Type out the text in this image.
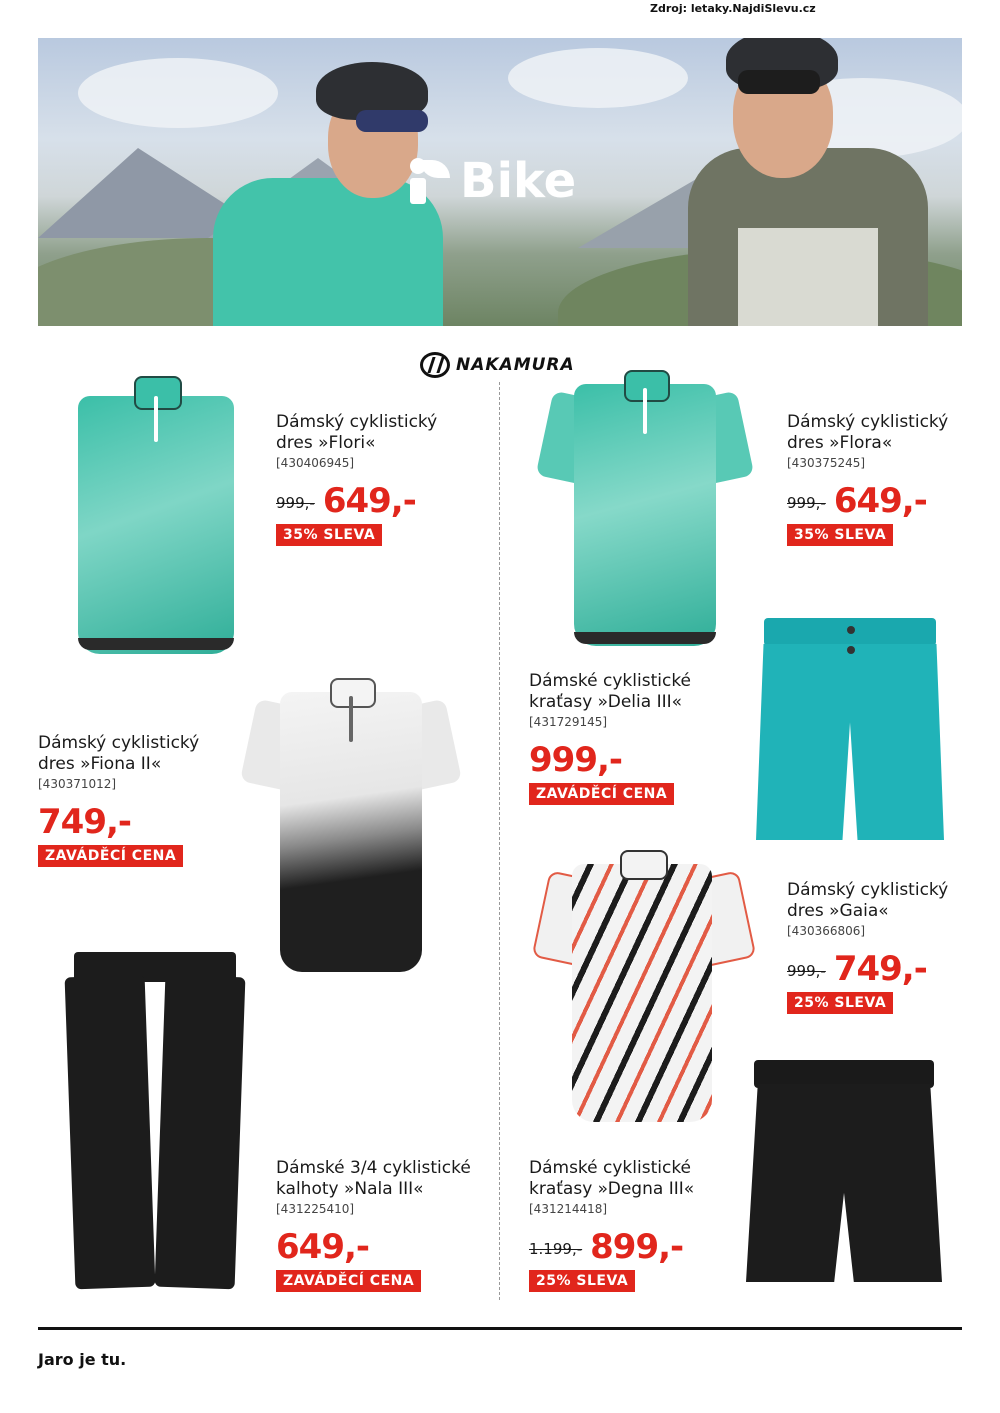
Zdroj: letaky.NajdiSlevu.cz
Bike
NAKAMURA
Dámský cyklistický
dres »Flori«
[430406945]
999,- 649,-
35% SLEVA
Dámský cyklistický
dres »Flora«
[430375245]
999,- 649,-
35% SLEVA
Dámský cyklistický
dres »Fiona II«
[430371012]
749,-
ZAVÁDĚCÍ CENA
Dámské cyklistické
kraťasy »Delia III«
[431729145]
999,-
ZAVÁDĚCÍ CENA
Dámský cyklistický
dres »Gaia«
[430366806]
999,- 749,-
25% SLEVA
Dámské 3/4 cyklistické
kalhoty »Nala III«
[431225410]
649,-
ZAVÁDĚCÍ CENA
Dámské cyklistické
kraťasy »Degna III«
[431214418]
1.199,- 899,-
25% SLEVA
Jaro je tu.
